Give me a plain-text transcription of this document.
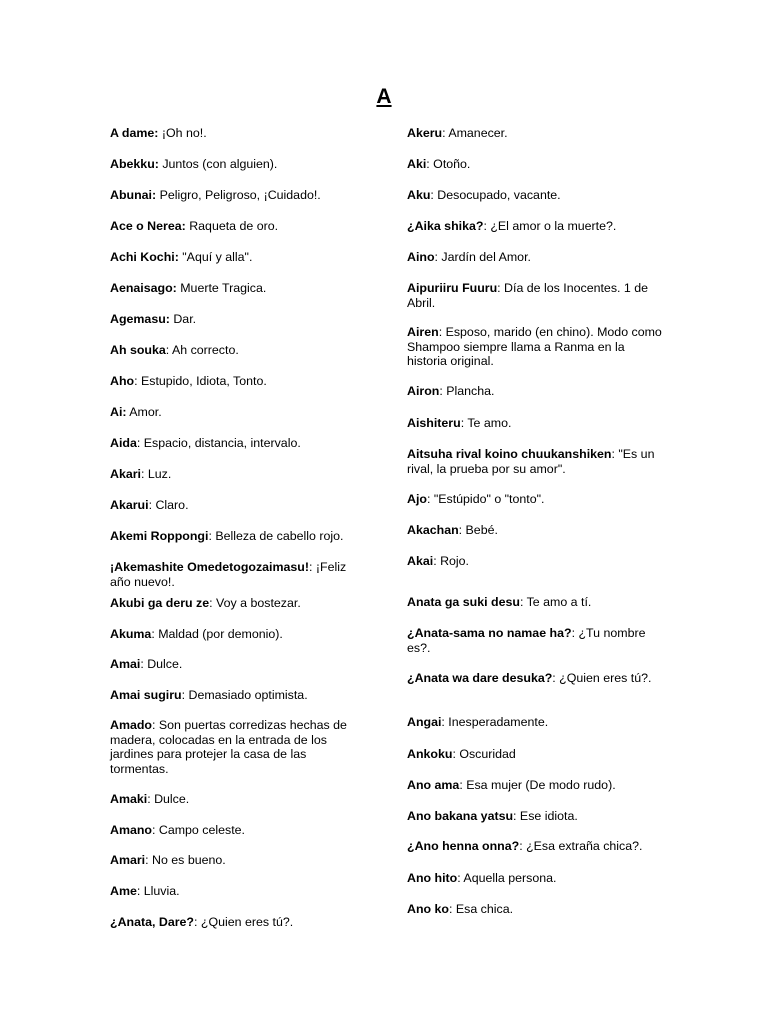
A
A dame: ¡Oh no!.
Abekku: Juntos (con alguien).
Abunai: Peligro, Peligroso, ¡Cuidado!.
Ace o Nerea: Raqueta de oro.
Achi Kochi: "Aquí y alla".
Aenaisago: Muerte Tragica.
Agemasu: Dar.
Ah souka: Ah correcto.
Aho: Estupido, Idiota, Tonto.
Ai: Amor.
Aida: Espacio, distancia, intervalo.
Akari: Luz.
Akarui: Claro.
Akemi Roppongi: Belleza de cabello rojo.
¡Akemashite Omedetogozaimasu!: ¡Feliz año nuevo!.
Akubi ga deru ze: Voy a bostezar.
Akuma: Maldad (por demonio).
Amai: Dulce.
Amai sugiru: Demasiado optimista.
Amado: Son puertas corredizas hechas de madera, colocadas en la entrada de los jardines para protejer la casa de las tormentas.
Amaki: Dulce.
Amano: Campo celeste.
Amari: No es bueno.
Ame: Lluvia.
¿Anata, Dare?: ¿Quien eres tú?.
Akeru: Amanecer.
Aki: Otoño.
Aku: Desocupado, vacante.
¿Aika shika?: ¿El amor o la muerte?.
Aino: Jardín del Amor.
Aipuriiru Fuuru: Día de los Inocentes. 1 de Abril.
Airen: Esposo, marido (en chino). Modo como Shampoo siempre llama a Ranma en la historia original.
Airon: Plancha.
Aishiteru: Te amo.
Aitsuha rival koino chuukanshiken: "Es un rival, la prueba por su amor".
Ajo: "Estúpido" o "tonto".
Akachan: Bebé.
Akai: Rojo.
Anata ga suki desu: Te amo a tí.
¿Anata-sama no namae ha?: ¿Tu nombre es?.
¿Anata wa dare desuka?: ¿Quien eres tú?.
Angai: Inesperadamente.
Ankoku: Oscuridad
Ano ama: Esa mujer (De modo rudo).
Ano bakana yatsu: Ese idiota.
¿Ano henna onna?: ¿Esa extraña chica?.
Ano hito: Aquella persona.
Ano ko: Esa chica.
